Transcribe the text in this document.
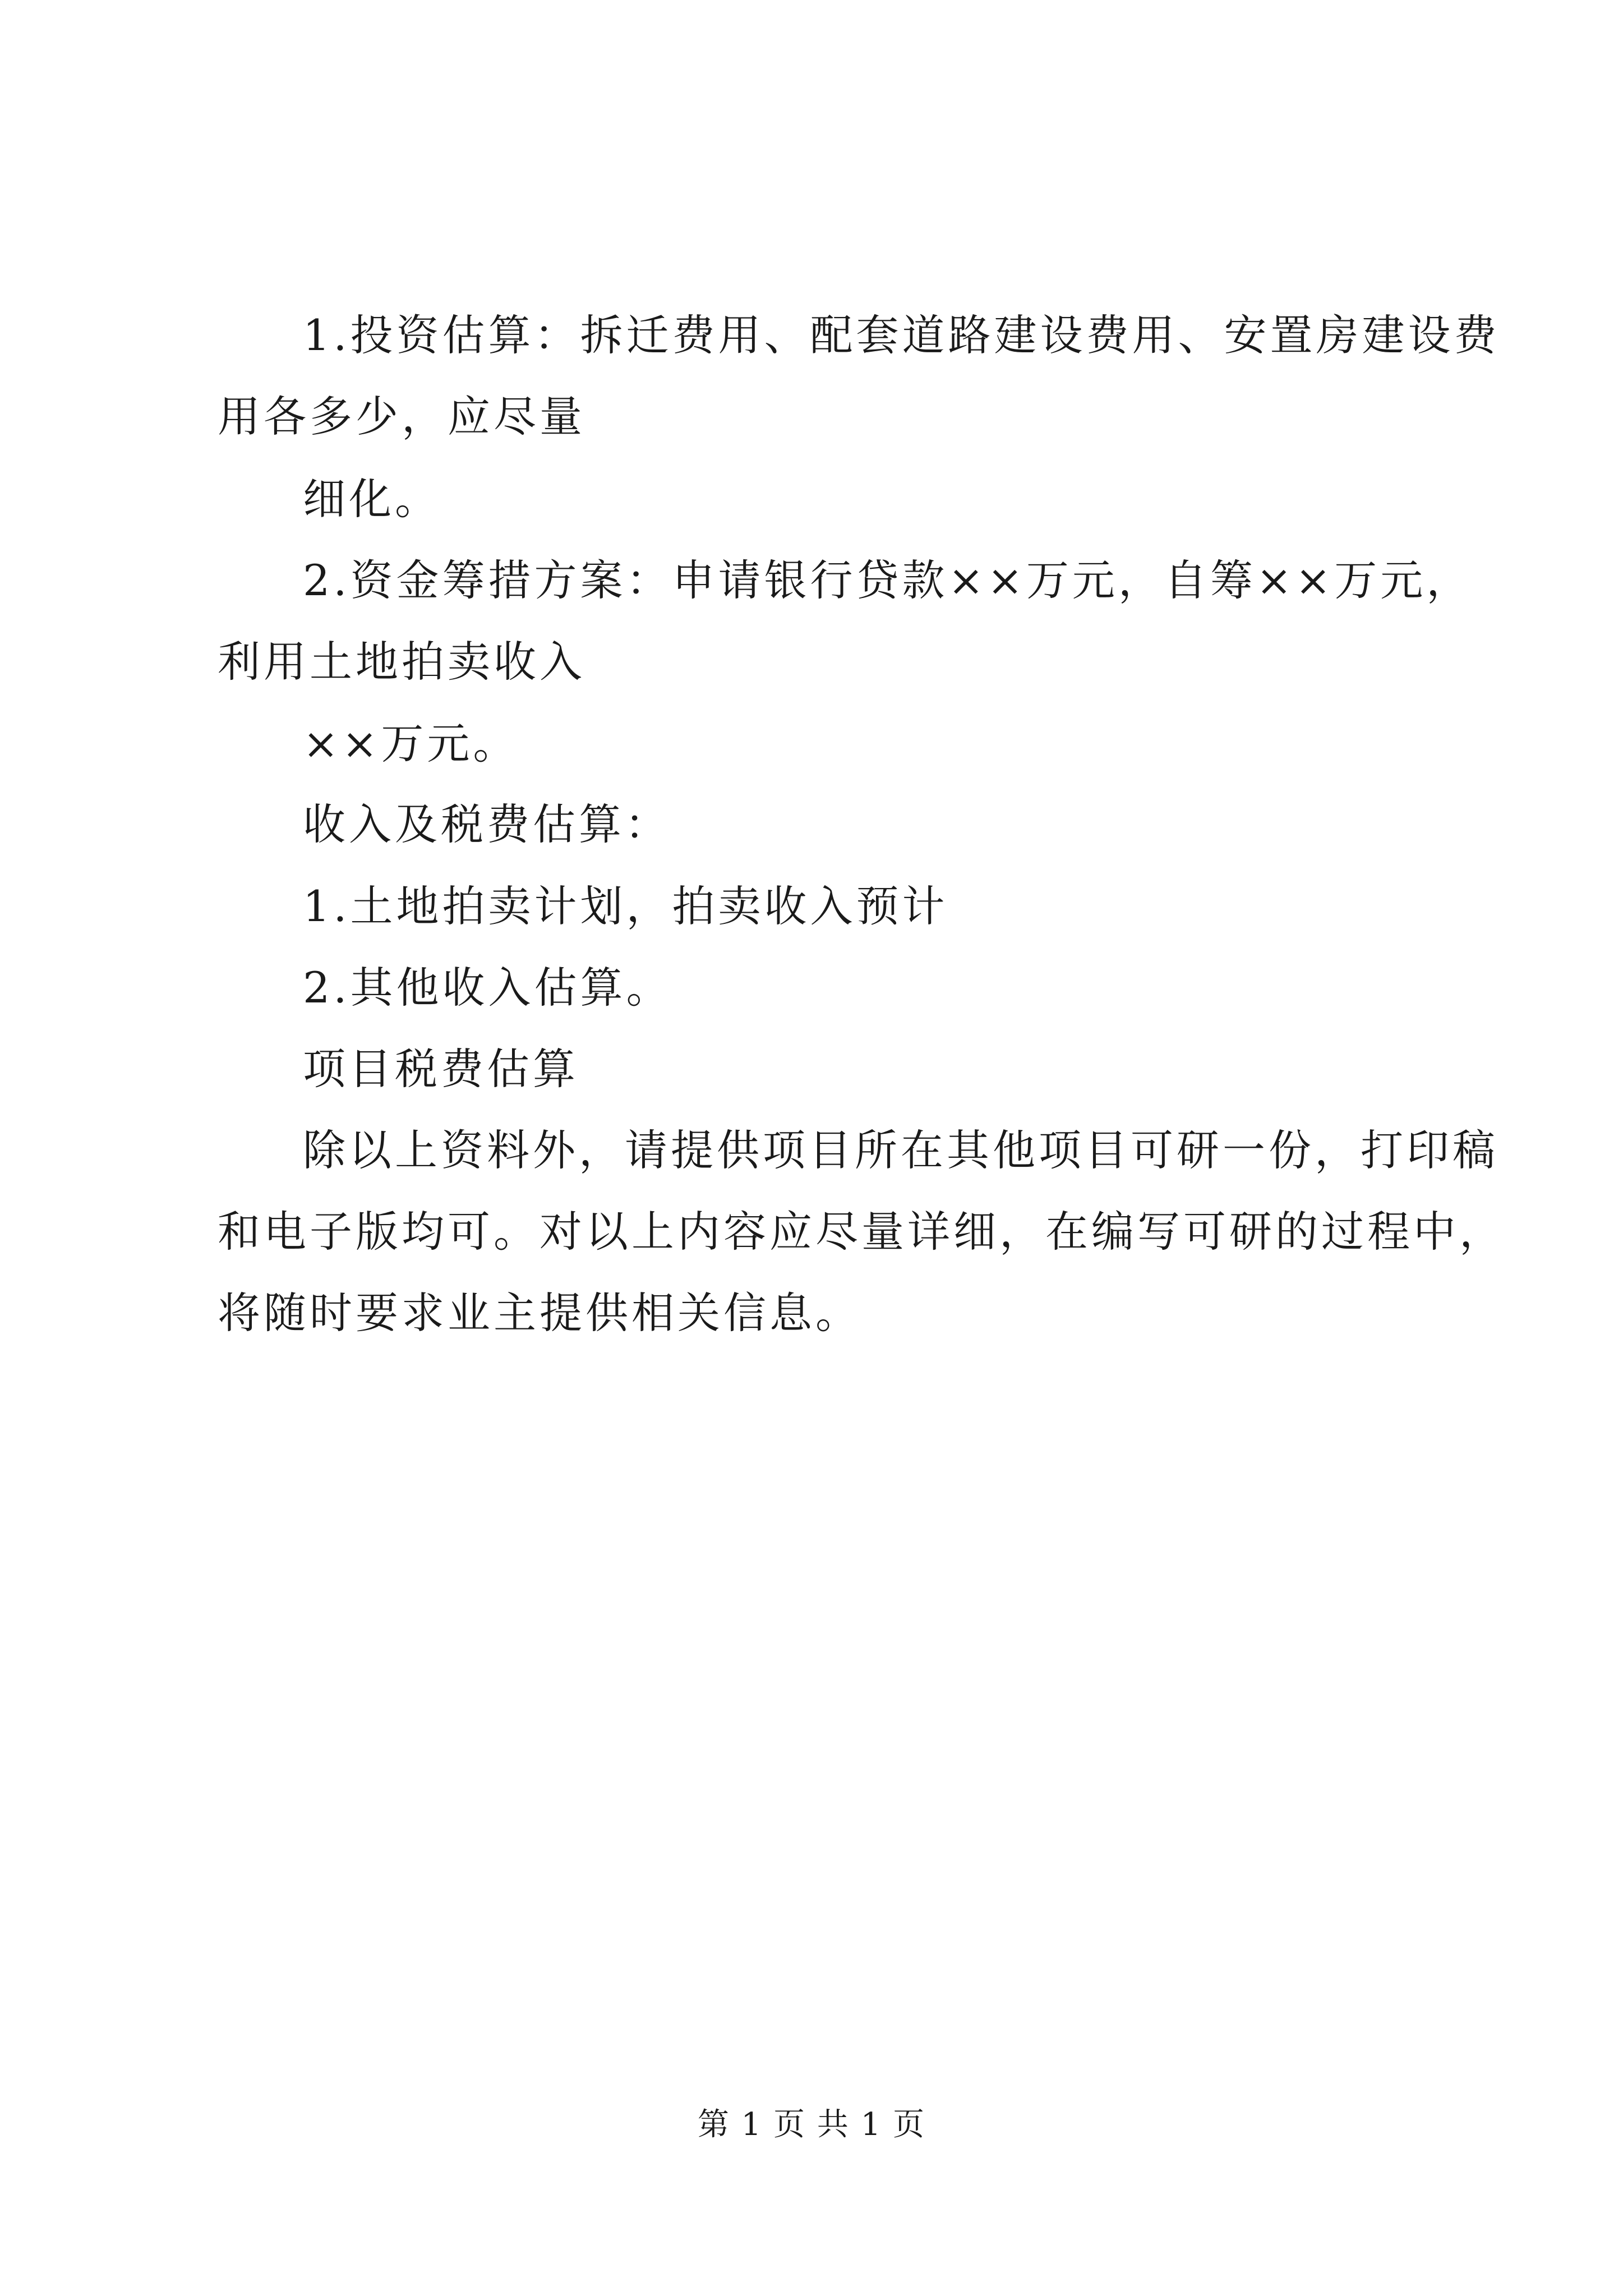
1.投资估算：拆迁费用、配套道路建设费用、安置房建设费
用各多少，应尽量
细化。
2.资金筹措方案：申请银行贷款××万元，自筹××万元，
利用土地拍卖收入
××万元。
收入及税费估算：
1.土地拍卖计划，拍卖收入预计
2.其他收入估算。
项目税费估算
除以上资料外，请提供项目所在其他项目可研一份，打印稿
和电子版均可。对以上内容应尽量详细，在编写可研的过程中，
将随时要求业主提供相关信息。
第 1 页 共 1 页
